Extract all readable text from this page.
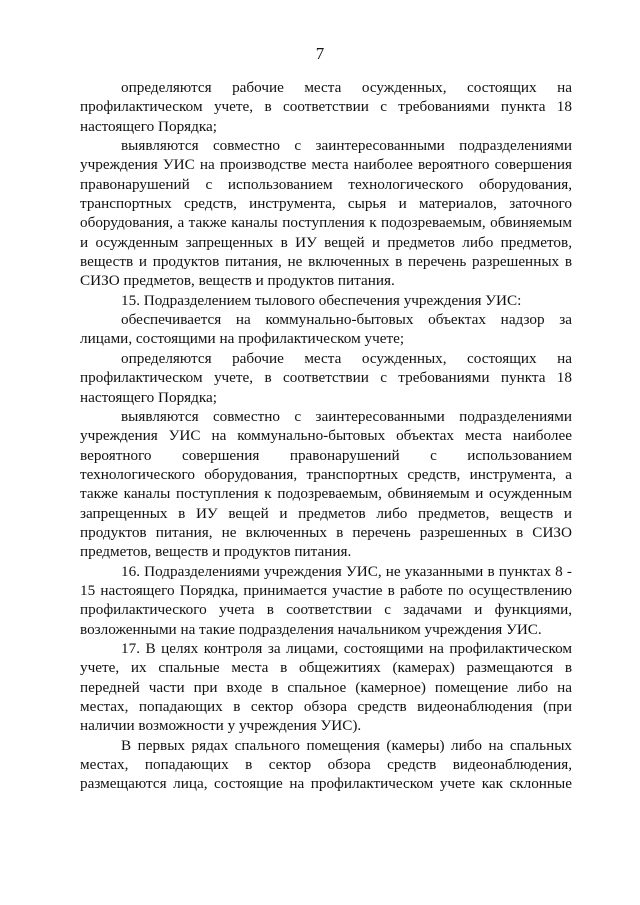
7

определяются рабочие места осужденных, состоящих на профилактическом учете, в соответствии с требованиями пункта 18 настоящего Порядка;

выявляются совместно с заинтересованными подразделениями учреждения УИС на производстве места наиболее вероятного совершения правонарушений с использованием технологического оборудования, транспортных средств, инструмента, сырья и материалов, заточного оборудования, а также каналы поступления к подозреваемым, обвиняемым и осужденным запрещенных в ИУ вещей и предметов либо предметов, веществ и продуктов питания, не включенных в перечень разрешенных в СИЗО предметов, веществ и продуктов питания.

15. Подразделением тылового обеспечения учреждения УИС:

обеспечивается на коммунально-бытовых объектах надзор за лицами, состоящими на профилактическом учете;

определяются рабочие места осужденных, состоящих на профилактическом учете, в соответствии с требованиями пункта 18 настоящего Порядка;

выявляются совместно с заинтересованными подразделениями учреждения УИС на коммунально-бытовых объектах места наиболее вероятного совершения правонарушений с использованием технологического оборудования, транспортных средств, инструмента, а также каналы поступления к подозреваемым, обвиняемым и осужденным запрещенных в ИУ вещей и предметов либо предметов, веществ и продуктов питания, не включенных в перечень разрешенных в СИЗО предметов, веществ и продуктов питания.

16. Подразделениями учреждения УИС, не указанными в пунктах 8 - 15 настоящего Порядка, принимается участие в работе по осуществлению профилактического учета в соответствии с задачами и функциями, возложенными на такие подразделения начальником учреждения УИС.

17. В целях контроля за лицами, состоящими на профилактическом учете, их спальные места в общежитиях (камерах) размещаются в передней части при входе в спальное (камерное) помещение либо на местах, попадающих в сектор обзора средств видеонаблюдения (при наличии возможности у учреждения УИС).

В первых рядах спального помещения (камеры) либо на спальных местах, попадающих в сектор обзора средств видеонаблюдения, размещаются лица, состоящие на профилактическом учете как склонные
